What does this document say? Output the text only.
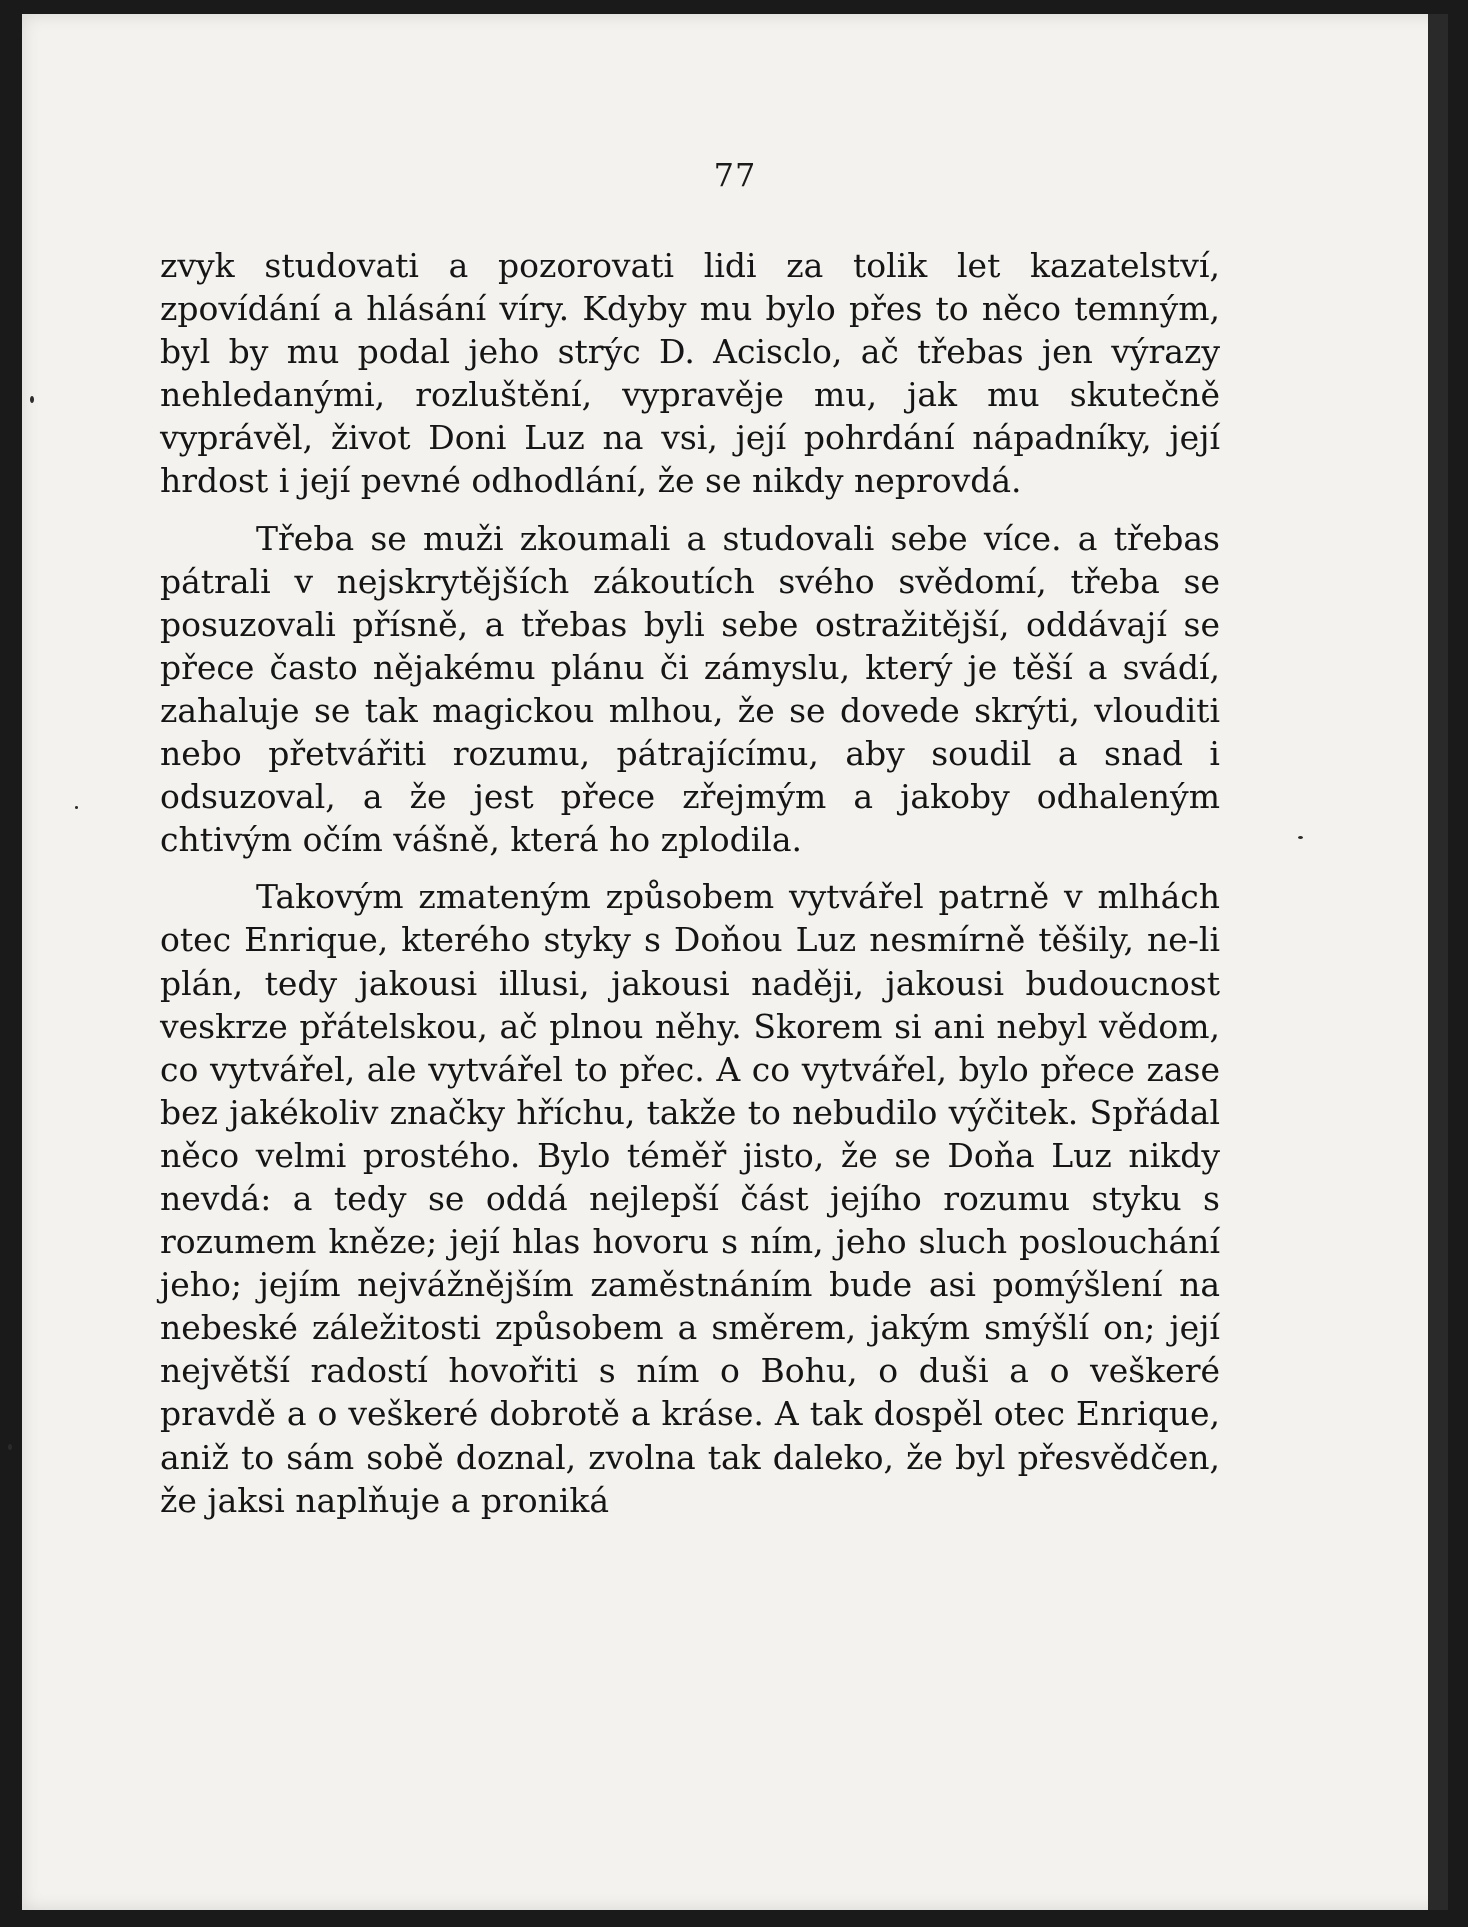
77

zvyk studovati a pozorovati lidi za tolik let kazatelství, zpovídání a hlásání víry. Kdyby mu bylo přes to něco temným, byl by mu podal jeho strýc D. Acisclo, ač třebas jen výrazy nehledanými, rozluštění, vypravěje mu, jak mu skutečně vyprávěl, život Doni Luz na vsi, její pohrdání nápadníky, její hrdost i její pevné odhodlání, že se nikdy neprovdá.

Třeba se muži zkoumali a studovali sebe více. a třebas pátrali v nejskrytějších zákoutích svého svědomí, třeba se posuzovali přísně, a třebas byli sebe ostražitější, oddávají se přece často nějakému plánu či zámyslu, který je těší a svádí, zahaluje se tak magickou mlhou, že se dovede skrýti, vlouditi nebo přetvářiti rozumu, pátrajícímu, aby soudil a snad i odsuzoval, a že jest přece zřejmým a jakoby odhaleným chtivým očím vášně, která ho zplodila.

Takovým zmateným způsobem vytvářel patrně v mlhách otec Enrique, kterého styky s Doňou Luz nesmírně těšily, ne-li plán, tedy jakousi illusi, jakousi naději, jakousi budoucnost veskrze přátelskou, ač plnou něhy. Skorem si ani nebyl vědom, co vytvářel, ale vytvářel to přec. A co vytvářel, bylo přece zase bez jakékoliv značky hříchu, takže to nebudilo výčitek. Spřádal něco velmi prostého. Bylo téměř jisto, že se Doňa Luz nikdy nevdá: a tedy se oddá nejlepší část jejího rozumu styku s rozumem kněze; její hlas hovoru s ním, jeho sluch poslouchání jeho; jejím nejvážnějším zaměstnáním bude asi pomýšlení na nebeské záležitosti způsobem a směrem, jakým smýšlí on; její největší radostí hovořiti s ním o Bohu, o duši a o veškeré pravdě a o veškeré dobrotě a kráse. A tak dospěl otec Enrique, aniž to sám sobě doznal, zvolna tak daleko, že byl přesvědčen, že jaksi naplňuje a proniká
